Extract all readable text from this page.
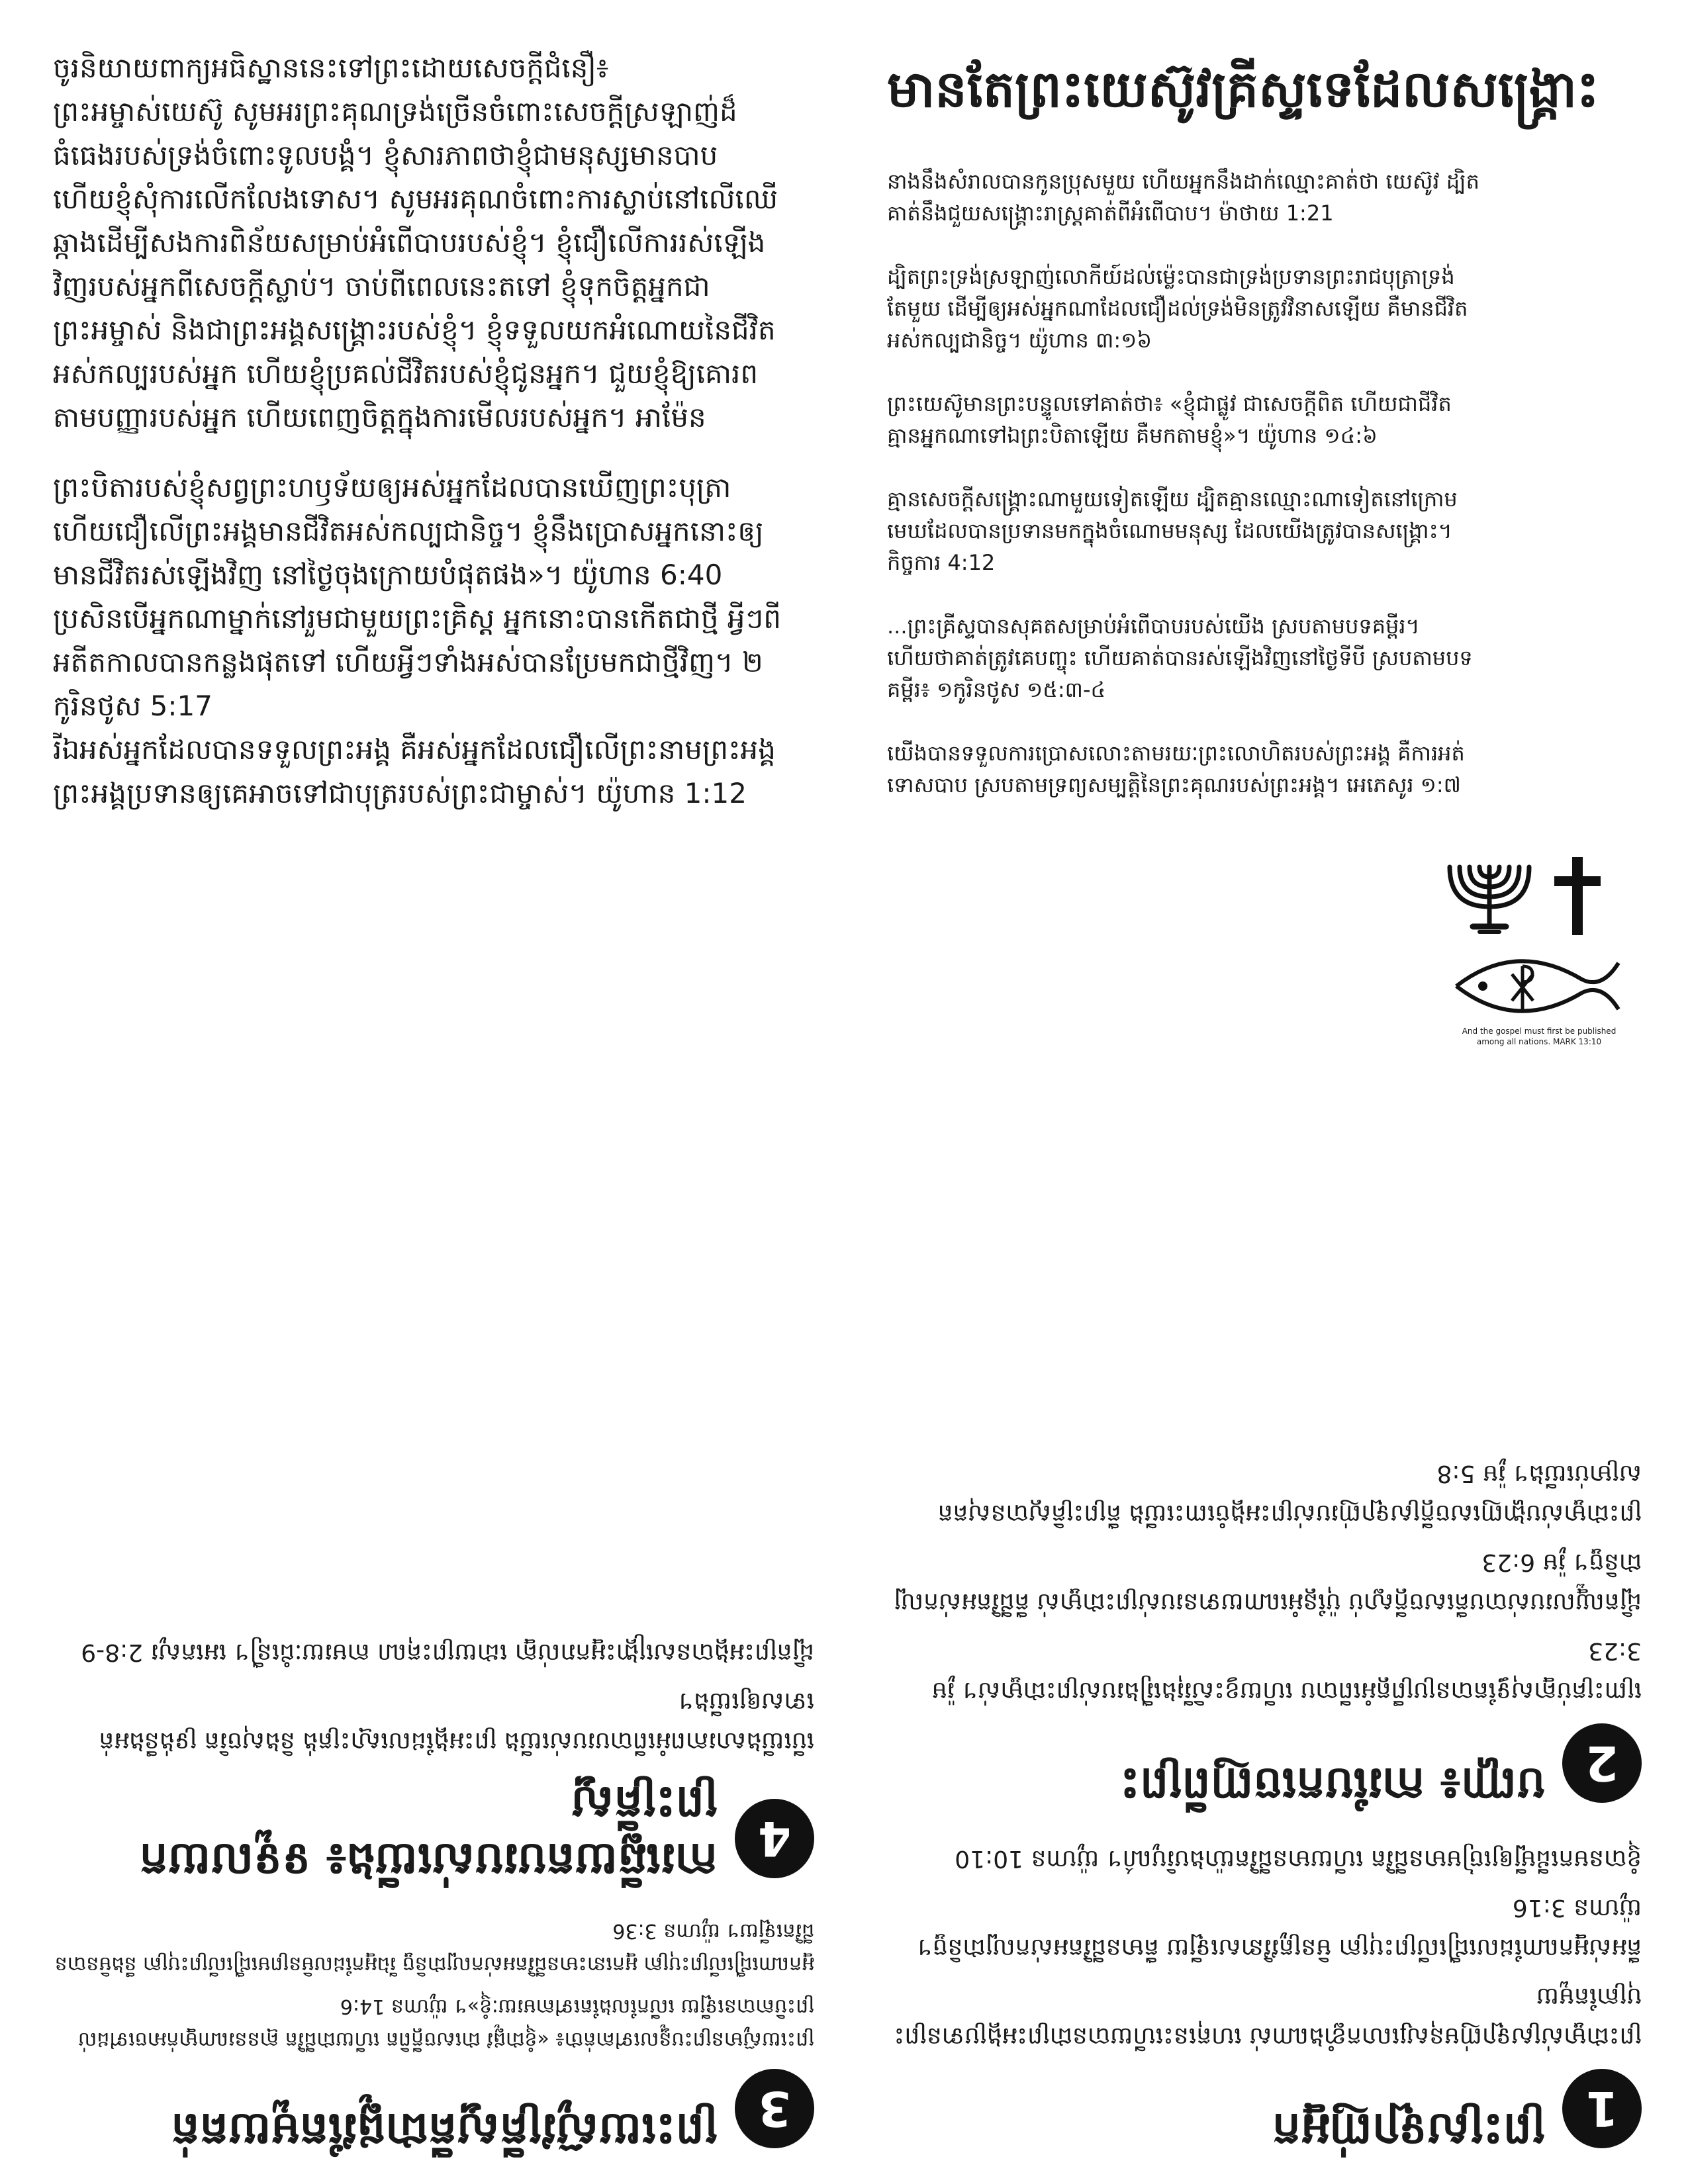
ចូរនិយាយពាក្យអធិស្ឋាននេះទៅព្រះដោយសេចក្តីជំនឿ៖ ព្រះអម្ចាស់យេស៊ូ សូមអរព្រះគុណទ្រង់ច្រើនចំពោះសេចក្តីស្រឡាញ់ដ៏ធំធេងរបស់ទ្រង់ចំពោះទូលបង្គំ។ ខ្ញុំសារភាពថាខ្ញុំជាមនុស្សមានបាប ហើយខ្ញុំសុំការលើកលែងទោស។ សូមអរគុណចំពោះការស្លាប់នៅលើឈើឆ្កាងដើម្បីសងការពិន័យសម្រាប់អំពើបាបរបស់ខ្ញុំ។ ខ្ញុំជឿលើការរស់ឡើងវិញរបស់អ្នកពីសេចក្តីស្លាប់។ ចាប់ពីពេលនេះតទៅ ខ្ញុំទុកចិត្តអ្នកជាព្រះអម្ចាស់ និងជាព្រះអង្គសង្គ្រោះរបស់ខ្ញុំ។ ខ្ញុំទទួលយកអំណោយនៃជីវិតអស់កល្បរបស់អ្នក ហើយខ្ញុំប្រគល់ជីវិតរបស់ខ្ញុំជូនអ្នក។ ជួយខ្ញុំឱ្យគោរពតាមបញ្ញារបស់អ្នក ហើយពេញចិត្តក្នុងការមើលរបស់អ្នក។ អាម៉ែន

ព្រះបិតារបស់ខ្ញុំសព្វព្រះហឫទ័យឲ្យអស់អ្នកដែលបានឃើញព្រះបុត្រា ហើយជឿលើព្រះអង្គមានជីវិតអស់កល្បជានិច្ច។ ខ្ញុំនឹងប្រោសអ្នកនោះឲ្យមានជីវិតរស់ឡើងវិញ នៅថ្ងៃចុងក្រោយបំផុតផង»។ យ៉ូហាន 6:40

ប្រសិនបើអ្នកណាម្នាក់នៅរួមជាមួយព្រះគ្រិស្ដ អ្នកនោះបានកើតជាថ្មី អ្វីៗពីអតីតកាលបានកន្លងផុតទៅ ហើយអ្វីៗទាំងអស់បានប្រែមកជាថ្មីវិញ។ ២ កូរិនថូស 5:17

រីឯអស់អ្នកដែលបានទទួលព្រះអង្គ គឺអស់អ្នកដែលជឿលើព្រះនាមព្រះអង្គ ព្រះអង្គប្រទានឲ្យគេអាចទៅជាបុត្ររបស់ព្រះជាម្ចាស់។ យ៉ូហាន 1:12

មានតែព្រះយេស៊ូវគ្រីស្ទទេដែលសង្គ្រោះ

នាងនឹងសំរាលបានកូនប្រុសមួយ ហើយអ្នកនឹងដាក់ឈ្មោះគាត់ថា យេស៊ូវ ដ្បិតគាត់នឹងជួយសង្គ្រោះរាស្ត្រគាត់ពីអំពើបាប។ ម៉ាថាយ 1:21

ដ្បិតព្រះទ្រង់ស្រឡាញ់លោកីយ៍ដល់ម៉្លេះបានជាទ្រង់ប្រទានព្រះរាជបុត្រាទ្រង់តែមួយ ដើម្បីឲ្យអស់អ្នកណាដែលជឿដល់ទ្រង់មិនត្រូវវិនាសឡើយ គឺមានជីវិតអស់កល្បជានិច្ច។ យ៉ូហាន ៣:១៦

ព្រះយេស៊ូមានព្រះបន្ទូលទៅគាត់ថា៖ «ខ្ញុំជាផ្លូវ ជាសេចក្ដីពិត ហើយជាជីវិត គ្មានអ្នកណាទៅឯព្រះបិតាឡើយ គឺមកតាមខ្ញុំ»។ យ៉ូហាន ១៤:៦

គ្មានសេចក្ដីសង្គ្រោះណាមួយទៀតឡើយ ដ្បិតគ្មានឈ្មោះណាទៀតនៅក្រោមមេឃដែលបានប្រទានមកក្នុងចំណោមមនុស្ស ដែលយើងត្រូវបានសង្គ្រោះ។ កិច្ចការ 4:12

...ព្រះគ្រីស្ទបានសុគតសម្រាប់អំពើបាបរបស់យើង ស្របតាមបទគម្ពីរ។ ហើយថាគាត់ត្រូវគេបញ្ចុះ ហើយគាត់បានរស់ឡើងវិញនៅថ្ងៃទីបី ស្របតាមបទគម្ពីរ៖ ១កូរិនថូស ១៥:៣-៤

យើងបានទទួលការប្រោសលោះតាមរយៈព្រះលោហិតរបស់ព្រះអង្គ គឺការអត់ទោសបាប ស្របតាមទ្រព្យសម្បត្តិនៃព្រះគុណរបស់ព្រះអង្គ។ អេភេសូរ ១:៧

And the gospel must first be published
among all nations. MARK 13:10
1
ព្រះស្រឡាញ់អ្នក

ព្រះជាម្ចាស់ស្រឡាញ់មនុស្សលោកខ្លាំងណាស់ ហេតុនេះហើយបានជាព្រះអង្គប្រទានព្រះបុត្រាតែមួយ

គឺអស់អ្នកណាដែលជឿលើព្រះបុត្រា មិនត្រូវវិនាសឡើយ គឺមានជីវិតអស់កល្បជានិច្ច។ យ៉ូហាន 3:16

ខ្ញុំបានមកដើម្បីឲ្យចៀមមានជីវិត ហើយមានជីវិតយ៉ាងបរិបូណ៌។ យ៉ូហាន 10:10

2
បញ្ហា៖ ការបែកចេញពីព្រះ

ព្រោះគ្រប់គ្នាសុទ្ធតែបានប្រព្រឹត្តអំពើបាប ហើយខ្វះសិរីរុងរឿងរបស់ព្រះជាម្ចាស់។ រ៉ូម 3:23

ដ្បិតឈ្នួលរបស់បាបគឺសេចក្ដីស្លាប់ ប៉ុន្តែអំណោយទានរបស់ព្រះជាម្ចាស់ គឺជីវិតអស់កល្បជានិច្ច។ រ៉ូម 6:23

ព្រះជាម្ចាស់បង្ហាញសេចក្ដីស្រឡាញ់របស់ព្រះអង្គចំពោះយើង គឺព្រះគ្រិស្ដបានសុគតសម្រាប់យើង។ រ៉ូម 5:8

3
ព្រះយេស៊ូវគ្រីស្ទគឺជាផ្លូវតែមួយគត់

ព្រះយេស៊ូមានព្រះបន្ទូលទៅគាត់ថា៖ «ខ្ញុំជាផ្លូវ ជាសេចក្ដីពិត ហើយជាជីវិត គ្មាននរណាម្នាក់អាចទៅដល់ព្រះបិតាបានឡើយ លើកលែងតែទៅតាមរយៈខ្ញុំ»។ យ៉ូហាន 14:6

អ្នកណាជឿលើព្រះបុត្រា អ្នកនោះមានជីវិតអស់កល្បជានិច្ច រីឯអ្នកដែលមិនព្រមជឿលើព្រះបុត្រា នឹងមិនបានជីវិតឡើយ។ យ៉ូហាន 3:36

4
ការឆ្លើយតបរបស់យើង៖ ទទួលយកព្រះគ្រីស្ទ

បើយើងសារភាពអំពើបាបរបស់យើង ព្រះអង្គដែលស្មោះត្រង់ និងសុចរិត ទ្រង់នឹងអត់ទោសឲ្យយើង។

ដ្បិតព្រះអង្គបានសង្គ្រោះអ្នករាល់គ្នា ដោយព្រះគុណ តាមរយៈជំនឿ។ អេភេសូរ 2:8-9
